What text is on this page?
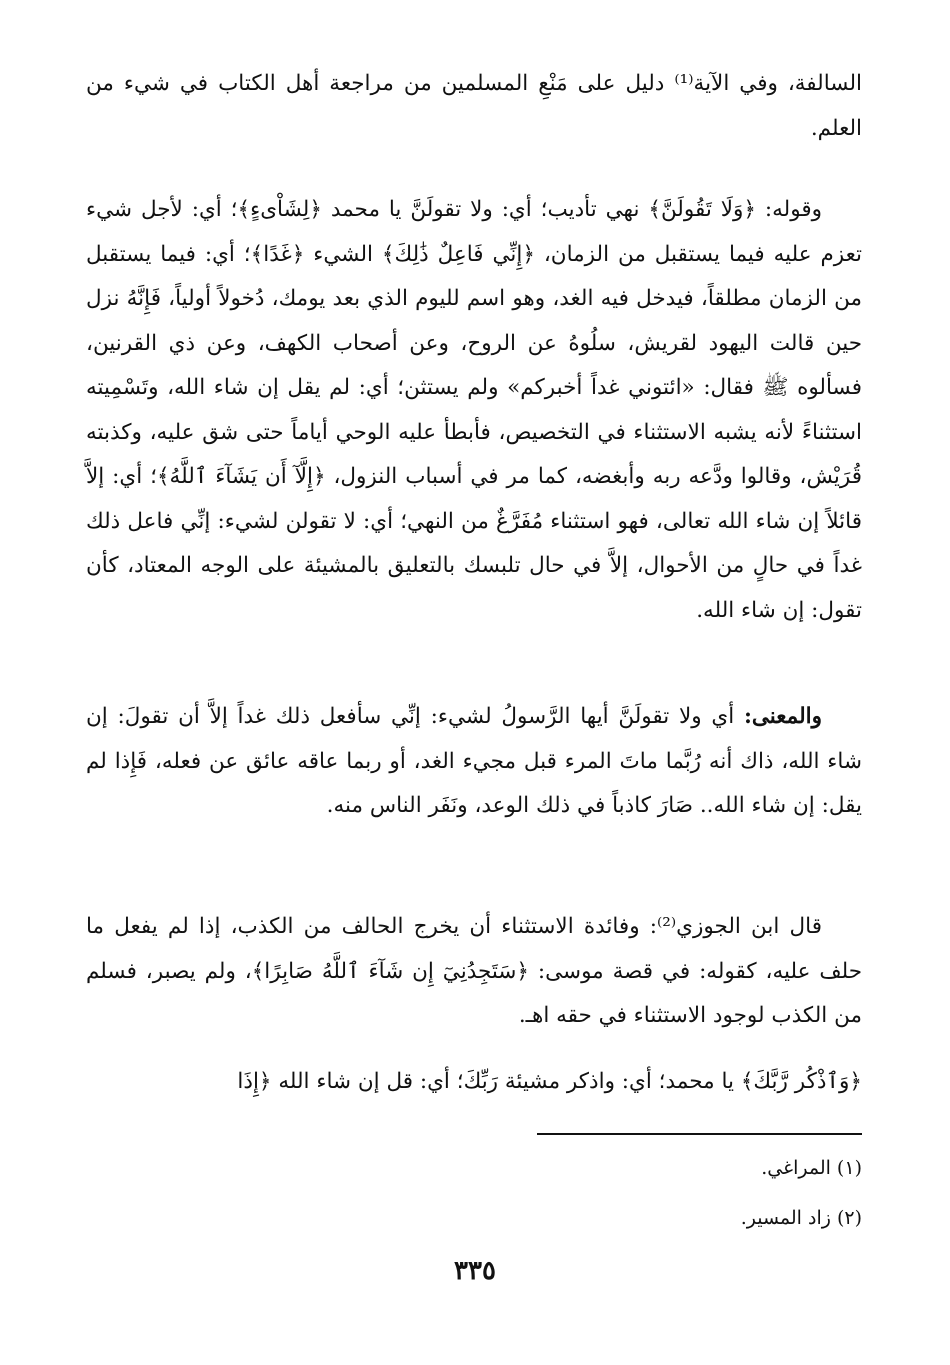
السالفة، وفي الآية⁽¹⁾ دليل على مَنْعِ المسلمين من مراجعة أهل الكتاب في شيء من العلم.

وقوله: ﴿وَلَا تَقُولَنَّ﴾ نهي تأديب؛ أي: ولا تقولَنَّ يا محمد ﴿لِشَاْىءٍ﴾؛ أي: لأجل شيء تعزم عليه فيما يستقبل من الزمان، ﴿إِنِّي فَاعِلٌ ذَٰلِكَ﴾ الشيء ﴿غَدًا﴾؛ أي: فيما يستقبل من الزمان مطلقاً، فيدخل فيه الغد، وهو اسم لليوم الذي بعد يومك، دُخولاً أولياً، فَإِنَّهُ نزل حين قالت اليهود لقريش، سلُوهُ عن الروح، وعن أصحاب الكهف، وعن ذي القرنين، فسألوه ﷺ فقال: «ائتوني غداً أخبركم» ولم يستثن؛ أي: لم يقل إن شاء الله، وتَسْمِيته استثناءً لأنه يشبه الاستثناء في التخصيص، فأبطأ عليه الوحي أياماً حتى شق عليه، وكذبته قُرَيْش، وقالوا ودَّعه ربه وأبغضه، كما مر في أسباب النزول، ﴿إِلَّآ أَن يَشَآءَ ٱللَّهُ﴾؛ أي: إلاَّ قائلاً إن شاء الله تعالى، فهو استثناء مُفَرَّغٌ من النهي؛ أي: لا تقولن لشيء: إنِّي فاعل ذلك غداً في حالٍ من الأحوال، إلاَّ في حال تلبسك بالتعليق بالمشيئة على الوجه المعتاد، كأن تقول: إن شاء الله.

والمعنى: أي ولا تقولَنَّ أيها الرَّسولُ لشيء: إنِّي سأفعل ذلك غداً إلاَّ أن تقولَ: إن شاء الله، ذاك أنه رُبَّما ماتَ المرء قبل مجيء الغد، أو ربما عاقه عائق عن فعله، فَإِذا لم يقل: إن شاء الله.. صَارَ كاذباً في ذلك الوعد، ونَفَر الناس منه.

قال ابن الجوزي⁽²⁾: وفائدة الاستثناء أن يخرج الحالف من الكذب، إذا لم يفعل ما حلف عليه، كقوله: في قصة موسى: ﴿سَتَجِدُنِيٓ إِن شَآءَ ٱللَّهُ صَابِرًا﴾، ولم يصبر، فسلم من الكذب لوجود الاستثناء في حقه اهـ.

﴿وَٱذْكُر رَّبَّكَ﴾ يا محمد؛ أي: واذكر مشيئة رَبِّكَ؛ أي: قل إن شاء الله ﴿إِذَا

(١) المراغي.
(٢) زاد المسير.
٣٣٥
